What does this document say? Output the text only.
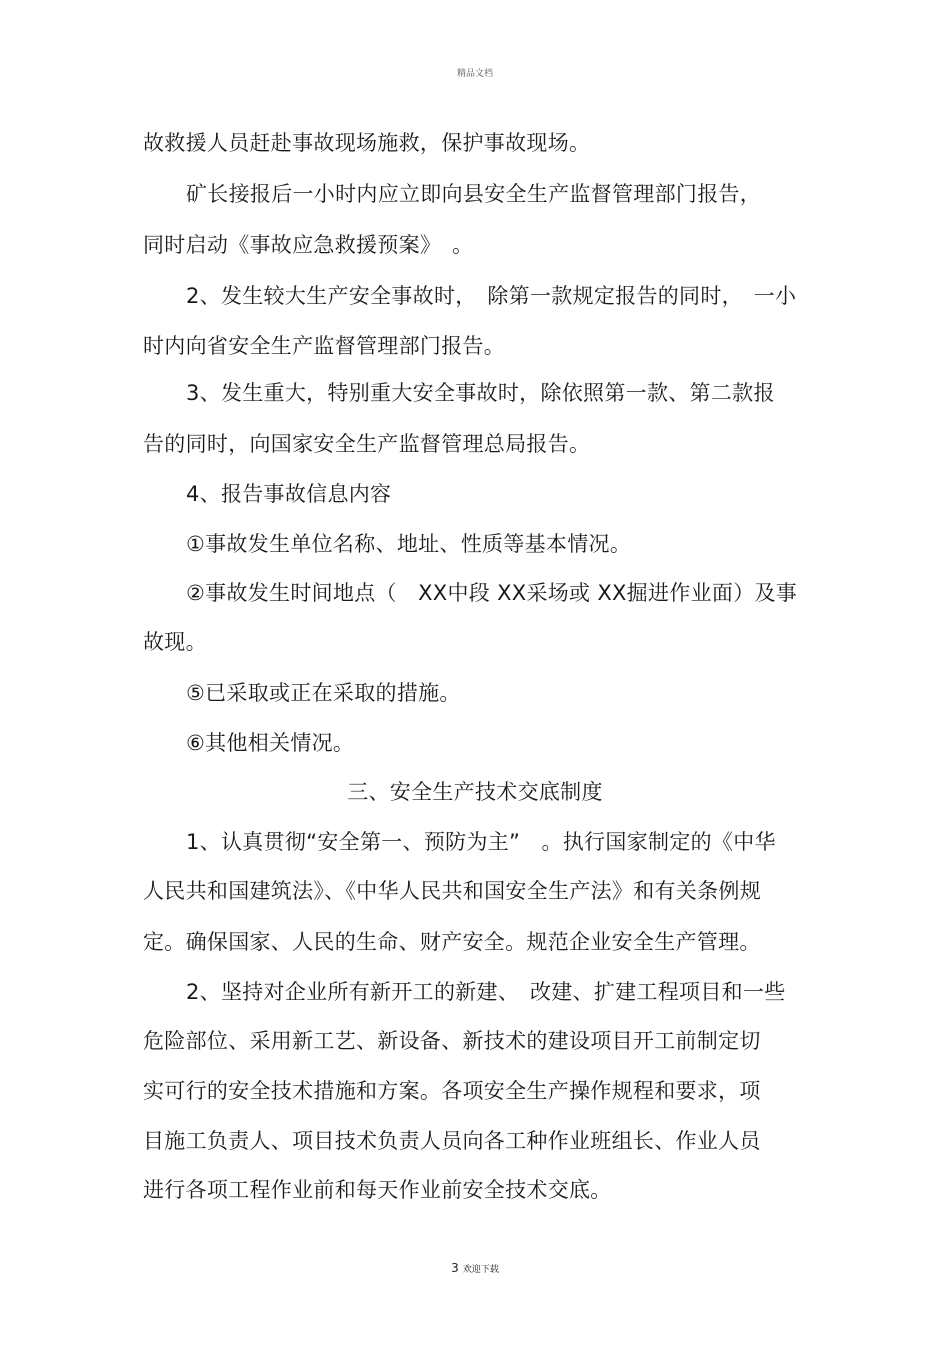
精品文档
故救援人员赶赴事故现场施救，保护事故现场。
矿长接报后一小时内应立即向县安全生产监督管理部门报告，
同时启动《事故应急救援预案》　。
2、发生较大生产安全事故时，　除第一款规定报告的同时，　一小
时内向省安全生产监督管理部门报告。
3、发生重大，特别重大安全事故时，除依照第一款、第二款报
告的同时，向国家安全生产监督管理总局报告。
4、报告事故信息内容
①事故发生单位名称、地址、性质等基本情况。
②事故发生时间地点（　XX中段 XX采场或 XX掘进作业面）及事
故现。
⑤已采取或正在采取的措施。
⑥其他相关情况。
三、安全生产技术交底制度
1、认真贯彻“安全第一、预防为主”　。执行国家制定的《中华
人民共和国建筑法》、《中华人民共和国安全生产法》和有关条例规
定。确保国家、人民的生命、财产安全。规范企业安全生产管理。
2、坚持对企业所有新开工的新建、　改建、扩建工程项目和一些
危险部位、采用新工艺、新设备、新技术的建设项目开工前制定切
实可行的安全技术措施和方案。各项安全生产操作规程和要求，项
目施工负责人、项目技术负责人员向各工种作业班组长、作业人员
进行各项工程作业前和每天作业前安全技术交底。
3 欢迎下载
